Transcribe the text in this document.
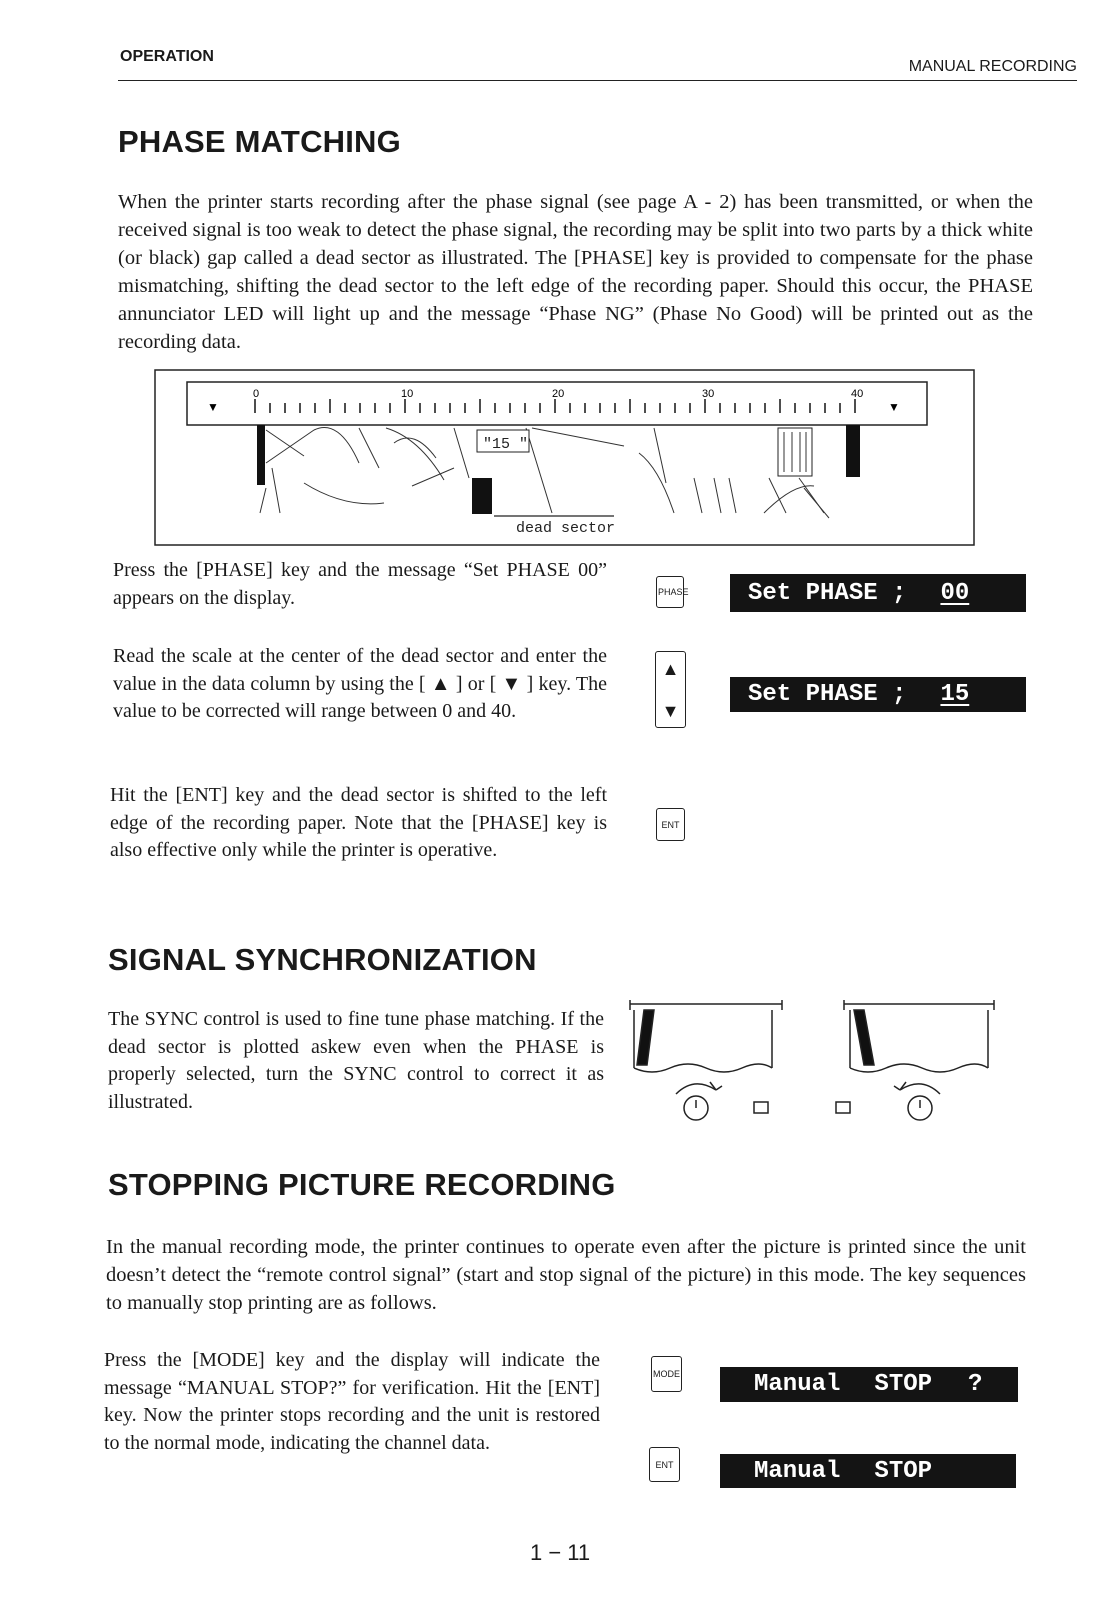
OPERATION
MANUAL RECORDING
PHASE MATCHING

When the printer starts recording after the phase signal (see page A - 2) has been transmitted, or when the received signal is too weak to detect the phase signal, the recording may be split into two parts by a thick white (or black) gap called a dead sector as illustrated. The [PHASE] key is provided to compensate for the phase mismatching, shifting the dead sector to the left edge of the recording paper. Should this occur, the PHASE annunciator LED will light up and the message “Phase NG” (Phase No Good) will be printed out as the recording data.

0	10	20	30	40
▼	▼
"15 "
dead sector

Press the [PHASE] key and the message “Set PHASE 00” appears on the display.	PHASE Set PHASE ; 00

Read the scale at the center of the dead sector and enter the value in the data column by using the [ ▲ ] or [ ▼ ] key. The value to be corrected will range between 0 and 40.

▲
▼
Set PHASE ; 15

Hit the [ENT] key and the dead sector is shifted to the left edge of the recording paper. Note that the [PHASE] key is also effective only while the printer is operative.

ENT
SIGNAL SYNCHRONIZATION

The SYNC control is used to fine tune phase matching. If the dead sector is plotted askew even when the PHASE is properly selected, turn the SYNC control to correct it as illustrated.

STOPPING PICTURE RECORDING

In the manual recording mode, the printer continues to operate even after the picture is printed since the unit doesn’t detect the “remote control signal” (start and stop signal of the picture) in this mode. The key sequences to manually stop printing are as follows.

Press the [MODE] key and the display will indicate the message “MANUAL STOP?” for verification. Hit the [ENT] key. Now the printer stops recording and the unit is restored to the normal mode, indicating the channel data.

MODE	Manual STOP ?
ENT	Manual STOP
1 − 11
